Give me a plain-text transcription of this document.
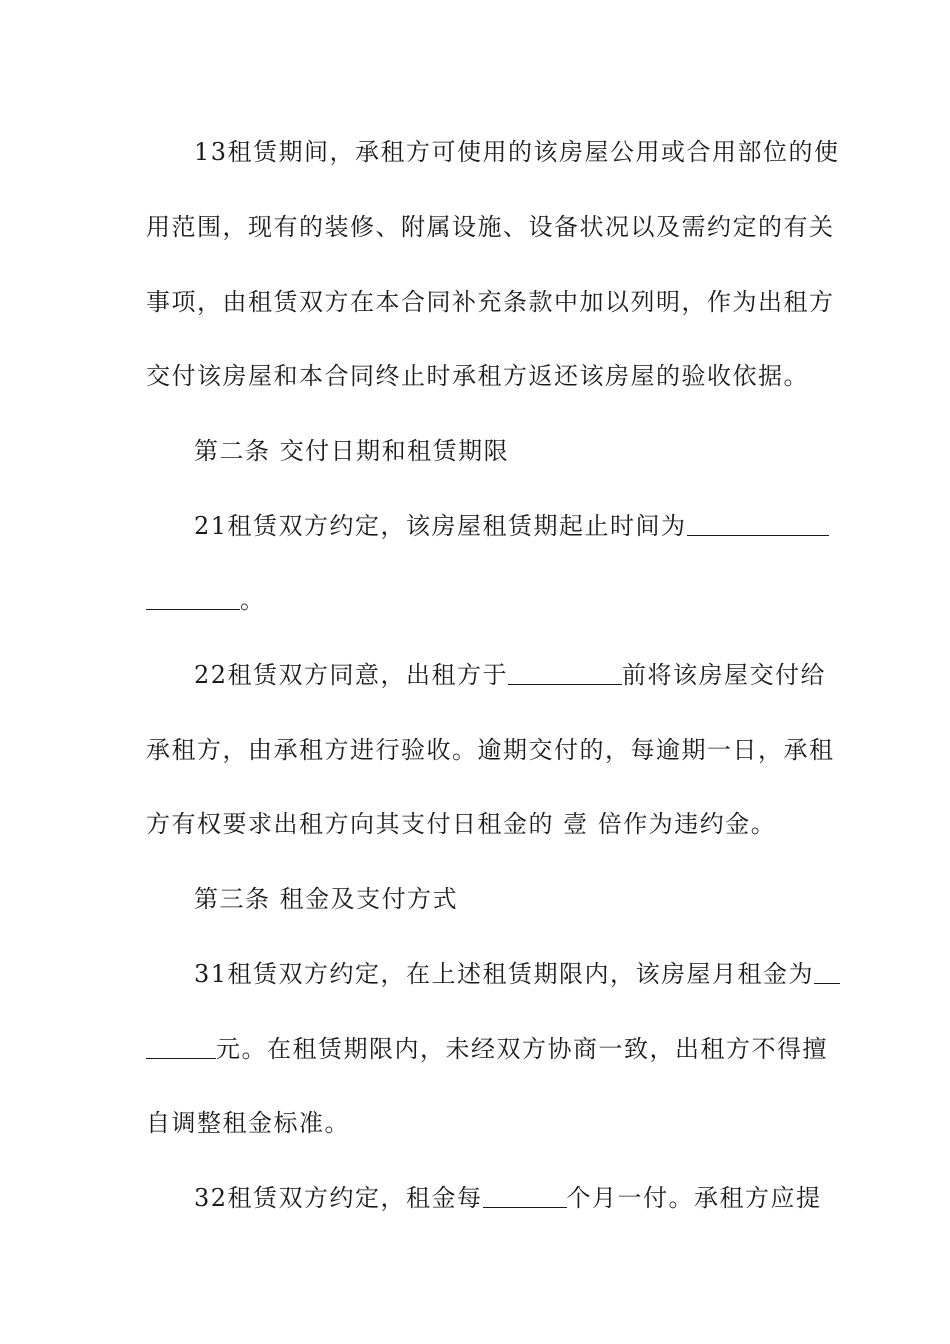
13租赁期间，承租方可使用的该房屋公用或合用部位的使
用范围，现有的装修、附属设施、设备状况以及需约定的有关
事项，由租赁双方在本合同补充条款中加以列明，作为出租方
交付该房屋和本合同终止时承租方返还该房屋的验收依据。
第二条 交付日期和租赁期限
21租赁双方约定，该房屋租赁期起止时间为
。
22租赁双方同意，出租方于	前将该房屋交付给
承租方，由承租方进行验收。逾期交付的，每逾期一日，承租
方有权要求出租方向其支付日租金的 壹 倍作为违约金。
第三条 租金及支付方式
31租赁双方约定，在上述租赁期限内，该房屋月租金为
元。在租赁期限内，未经双方协商一致，出租方不得擅
自调整租金标准。
32租赁双方约定，租金每	个月一付。承租方应提
